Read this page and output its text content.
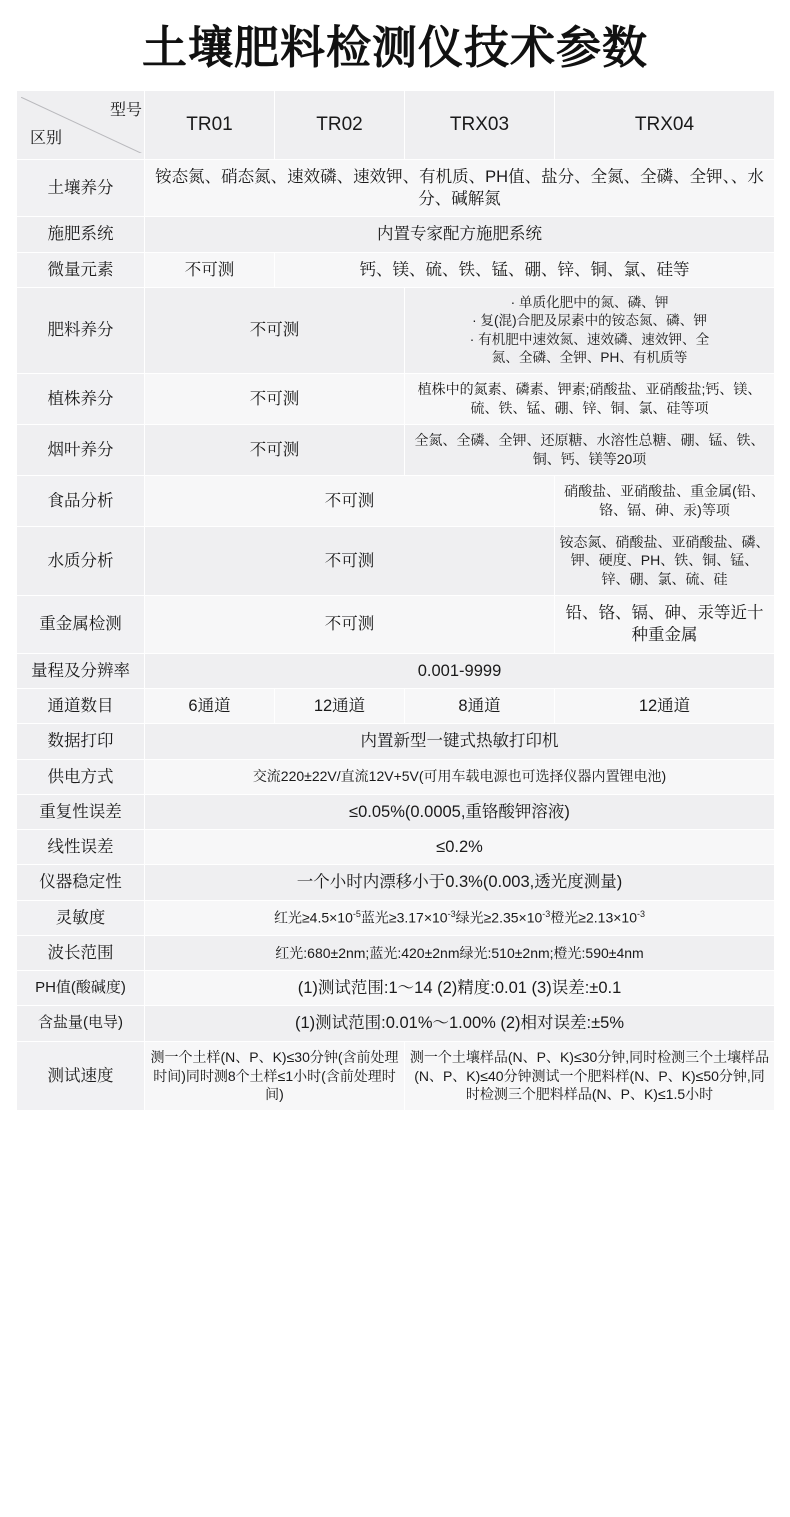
土壤肥料检测仪技术参数
型号
区别	TR01	TR02	TRX03	TRX04
土壤养分	铵态氮、硝态氮、速效磷、速效钾、有机质、PH值、盐分、全氮、全磷、全钾、、水分、碱解氮			
施肥系统	内置专家配方施肥系统			
微量元素	不可测	钙、镁、硫、铁、锰、硼、锌、铜、氯、硅等		
肥料养分	不可测		· 单质化肥中的氮、磷、钾
· 复(混)合肥及尿素中的铵态氮、磷、钾
· 有机肥中速效氮、速效磷、速效钾、全
氮、全磷、全钾、PH、有机质等	

植株养分	不可测		植株中的氮素、磷素、钾素;硝酸盐、亚硝酸盐;钙、镁、硫、铁、锰、硼、锌、铜、氯、硅等项	
烟叶养分	不可测		全氮、全磷、全钾、还原糖、水溶性总糖、硼、锰、铁、铜、钙、镁等20项	
食品分析	不可测			硝酸盐、亚硝酸盐、重金属(铅、铬、镉、砷、汞)等项
水质分析	不可测			铵态氮、硝酸盐、亚硝酸盐、磷、钾、硬度、PH、铁、铜、锰、锌、硼、氯、硫、硅
重金属检测	不可测			铅、铬、镉、砷、汞等近十种重金属
量程及分辨率	0.001-9999			
通道数目	6通道	12通道	8通道	12通道
数据打印	内置新型一键式热敏打印机			
供电方式	交流220±22V/直流12V+5V(可用车载电源也可选择仪器内置锂电池)			
重复性误差	≤0.05%(0.0005,重铬酸钾溶液)			
线性误差	≤0.2%			
仪器稳定性	一个小时内漂移小于0.3%(0.003,透光度测量)			
灵敏度	红光$\ge 4.5\times 10^{-5}$蓝光$\ge 3.17\times 10^{-3}$绿光$\ge 2.35\times 10^{-3}$橙光$\ge 2.13\times 10^{-3}$
波长范围	红光:680±2nm;蓝光:420±2nm绿光:510±2nm;橙光:590±4nm			
PH值(酸碱度)	(1)测试范围:1～14 (2)精度:0.01 (3)误差:±0.1			
含盐量(电导)	(1)测试范围:0.01%～1.00% (2)相对误差:±5%			
测试速度	测一个土样(N、P、K)≤30分钟(含前处理时间)同时测8个土样≤1小时(含前处理时间)		测一个土壤样品(N、P、K)≤30分钟,同时检测三个土壤样品(N、P、K)≤40分钟测试一个肥料样(N、P、K)≤50分钟,同时检测三个肥料样品(N、P、K)≤1.5小时	
